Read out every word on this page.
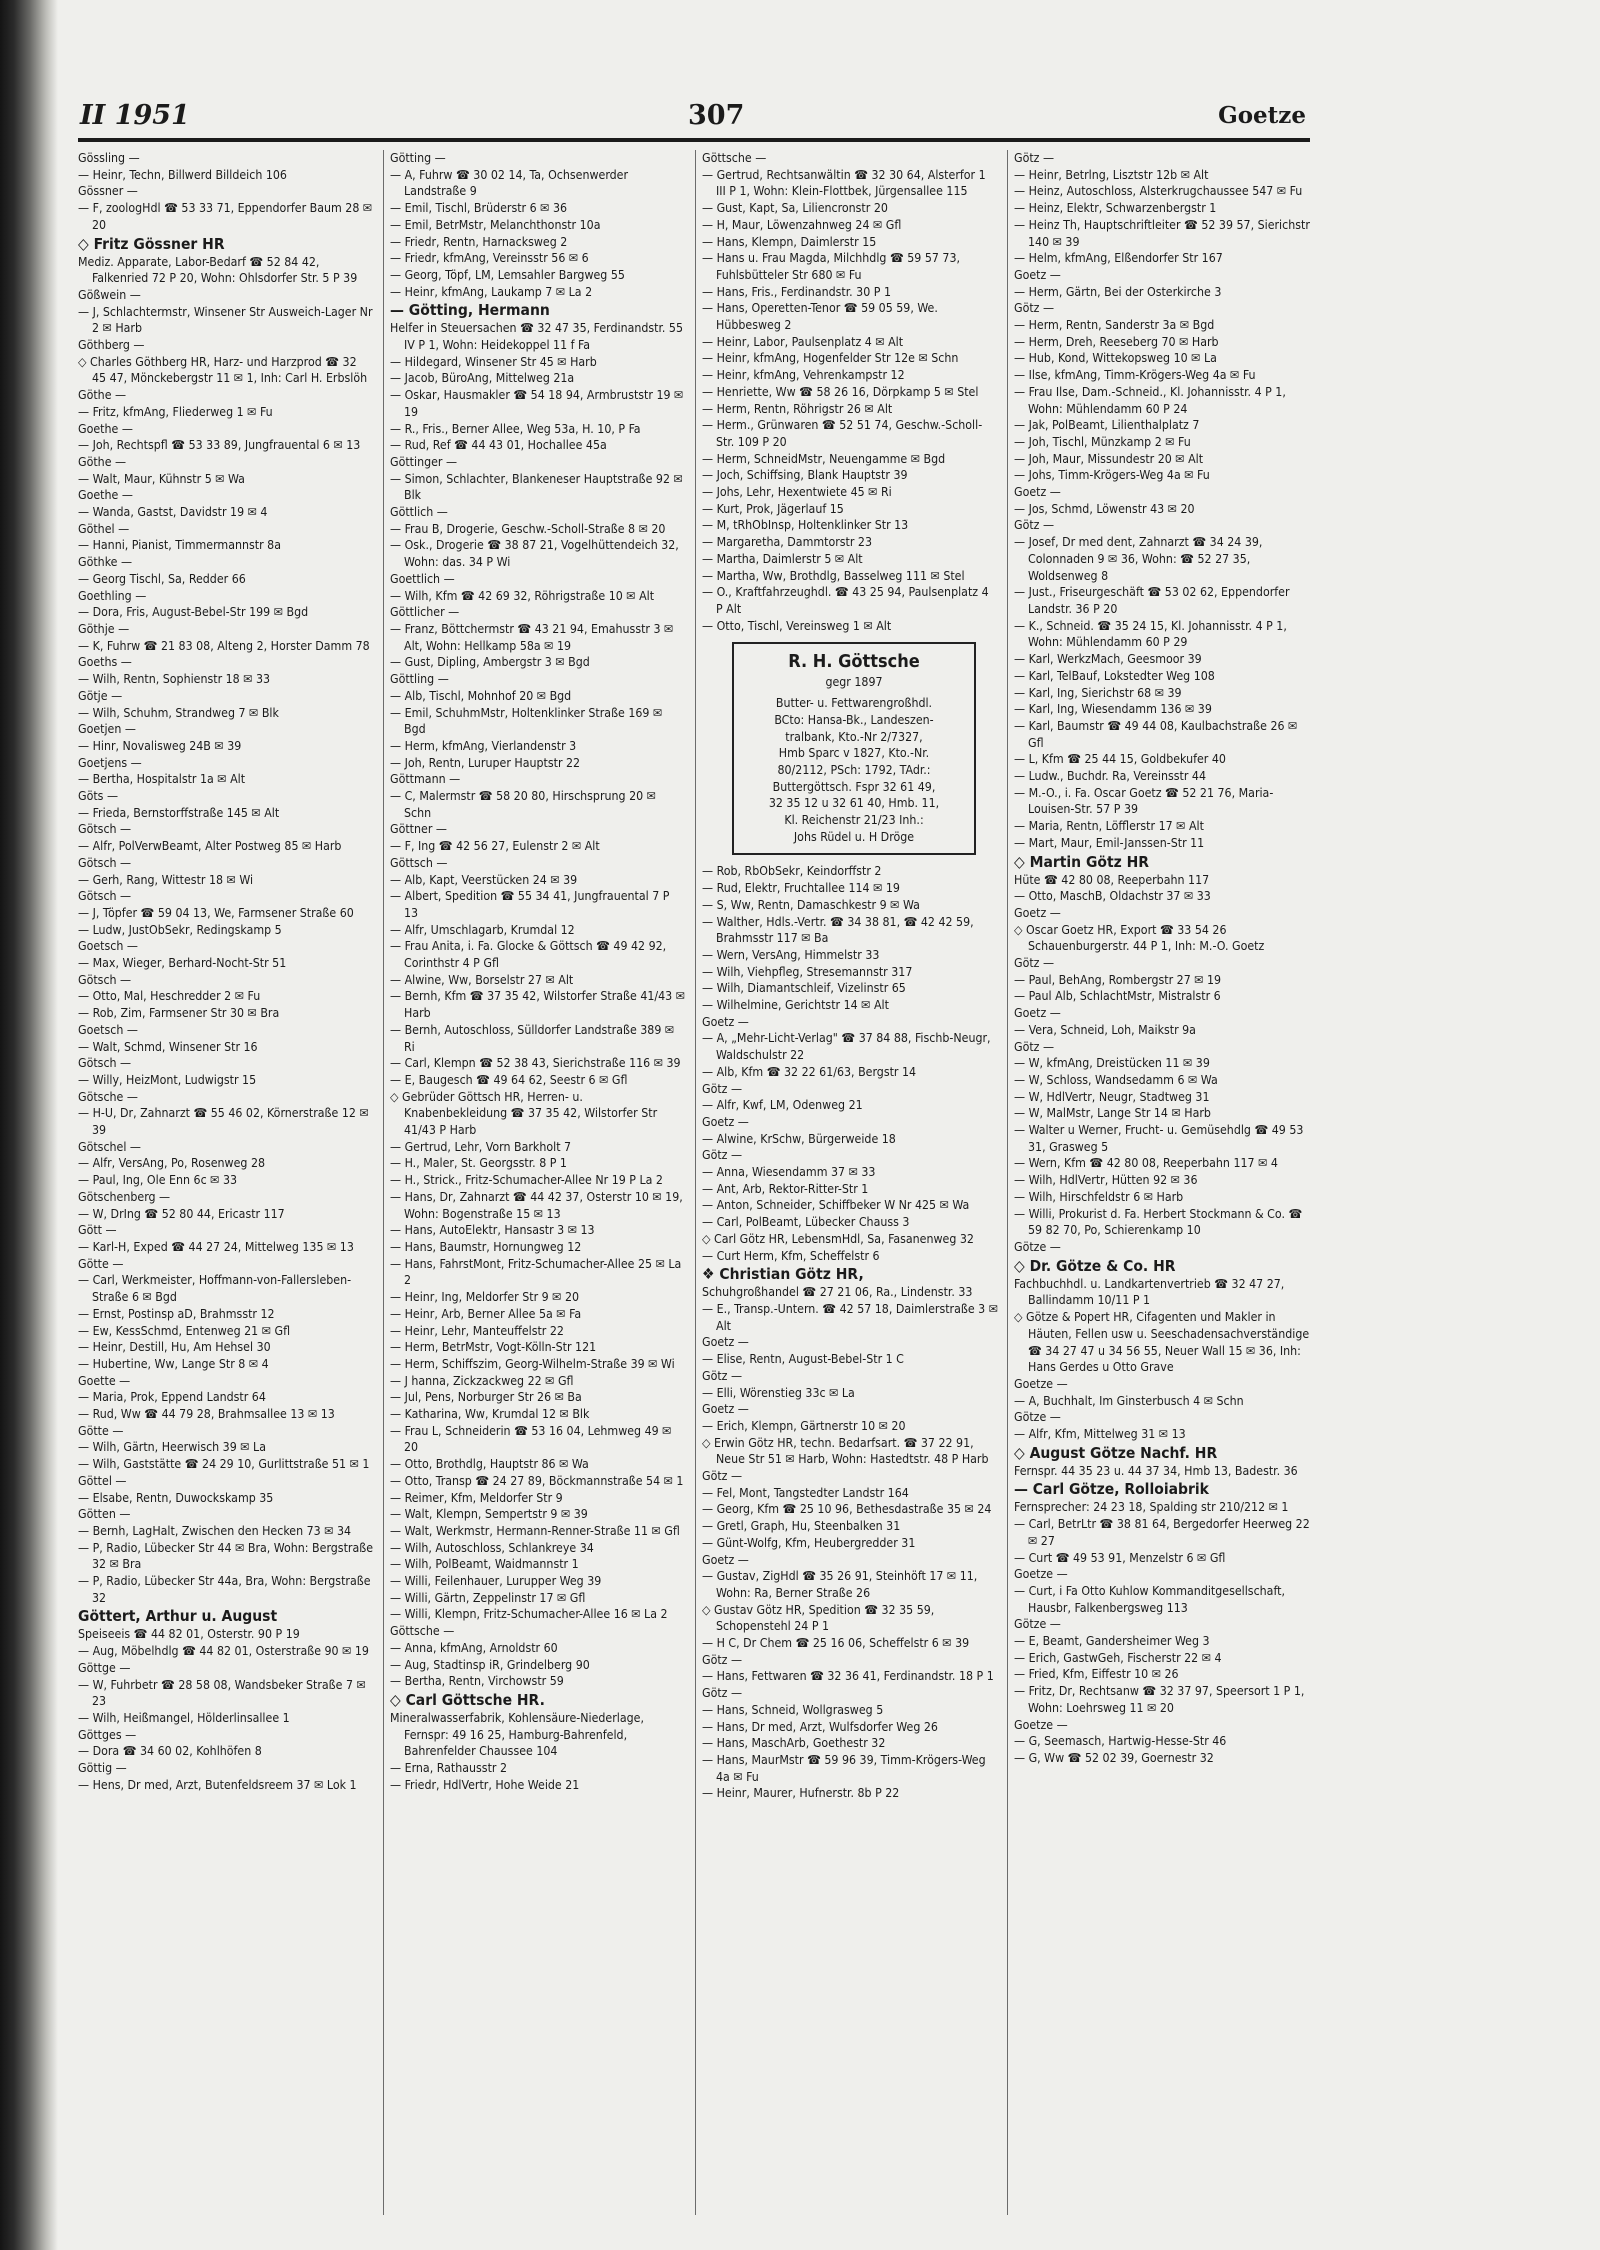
II 1951	307	Goetze
Gössling —
— Heinr, Techn, Billwerd Billdeich 106
Gössner —
— F, zoologHdl ☎ 53 33 71, Eppendorfer Baum 28 ✉ 20
◇ Fritz Gössner HR
Mediz. Apparate, Labor-Bedarf ☎ 52 84 42, Falkenried 72 P 20, Wohn: Ohlsdorfer Str. 5 P 39
Gößwein —
— J, Schlachtermstr, Winsener Str Ausweich-Lager Nr 2 ✉ Harb
Göthberg —
◇ Charles Göthberg HR, Harz- und Harzprod ☎ 32 45 47, Mönckebergstr 11 ✉ 1, Inh: Carl H. Erbslöh
Göthe —
— Fritz, kfmAng, Fliederweg 1 ✉ Fu
Goethe —
— Joh, Rechtspfl ☎ 53 33 89, Jungfrauental 6 ✉ 13
Göthe —
— Walt, Maur, Kühnstr 5 ✉ Wa
Goethe —
— Wanda, Gastst, Davidstr 19 ✉ 4
Göthel —
— Hanni, Pianist, Timmermannstr 8a
Göthke —
— Georg Tischl, Sa, Redder 66
Goethling —
— Dora, Fris, August-Bebel-Str 199 ✉ Bgd
Göthje —
— K, Fuhrw ☎ 21 83 08, Alteng 2, Horster Damm 78
Goeths —
— Wilh, Rentn, Sophienstr 18 ✉ 33
Götje —
— Wilh, Schuhm, Strandweg 7 ✉ Blk
Goetjen —
— Hinr, Novalisweg 24B ✉ 39
Goetjens —
— Bertha, Hospitalstr 1a ✉ Alt
Göts —
— Frieda, Bernstorffstraße 145 ✉ Alt
Götsch —
— Alfr, PolVerwBeamt, Alter Postweg 85 ✉ Harb
Götsch —
— Gerh, Rang, Wittestr 18 ✉ Wi
Götsch —
— J, Töpfer ☎ 59 04 13, We, Farmsener Straße 60
— Ludw, JustObSekr, Redingskamp 5
Goetsch —
— Max, Wieger, Berhard-Nocht-Str 51
Götsch —
— Otto, Mal, Heschredder 2 ✉ Fu
— Rob, Zim, Farmsener Str 30 ✉ Bra
Goetsch —
— Walt, Schmd, Winsener Str 16
Götsch —
— Willy, HeizMont, Ludwigstr 15
Götsche —
— H-U, Dr, Zahnarzt ☎ 55 46 02, Körnerstraße 12 ✉ 39
Götschel —
— Alfr, VersAng, Po, Rosenweg 28
— Paul, Ing, Ole Enn 6c ✉ 33
Götschenberg —
— W, DrIng ☎ 52 80 44, Ericastr 117
Gött —
— Karl-H, Exped ☎ 44 27 24, Mittelweg 135 ✉ 13
Götte —
— Carl, Werkmeister, Hoffmann-von-Fallersleben-Straße 6 ✉ Bgd
— Ernst, Postinsp aD, Brahmsstr 12
— Ew, KessSchmd, Entenweg 21 ✉ Gfl
— Heinr, Destill, Hu, Am Hehsel 30
— Hubertine, Ww, Lange Str 8 ✉ 4
Goette —
— Maria, Prok, Eppend Landstr 64
— Rud, Ww ☎ 44 79 28, Brahmsallee 13 ✉ 13
Götte —
— Wilh, Gärtn, Heerwisch 39 ✉ La
— Wilh, Gaststätte ☎ 24 29 10, Gurlittstraße 51 ✉ 1
Göttel —
— Elsabe, Rentn, Duwockskamp 35
Götten —
— Bernh, LagHalt, Zwischen den Hecken 73 ✉ 34
— P, Radio, Lübecker Str 44 ✉ Bra, Wohn: Bergstraße 32 ✉ Bra
— P, Radio, Lübecker Str 44a, Bra, Wohn: Bergstraße 32
Göttert, Arthur u. August
Speiseeis ☎ 44 82 01, Osterstr. 90 P 19
— Aug, Möbelhdlg ☎ 44 82 01, Osterstraße 90 ✉ 19
Göttge —
— W, Fuhrbetr ☎ 28 58 08, Wandsbeker Straße 7 ✉ 23
— Wilh, Heißmangel, Hölderlinsallee 1
Göttges —
— Dora ☎ 34 60 02, Kohlhöfen 8
Göttig —
— Hens, Dr med, Arzt, Butenfeldsreem 37 ✉ Lok 1
Götting —
— A, Fuhrw ☎ 30 02 14, Ta, Ochsenwerder Landstraße 9
— Emil, Tischl, Brüderstr 6 ✉ 36
— Emil, BetrMstr, Melanchthonstr 10a
— Friedr, Rentn, Harnacksweg 2
— Friedr, kfmAng, Vereinsstr 56 ✉ 6
— Georg, Töpf, LM, Lemsahler Bargweg 55
— Heinr, kfmAng, Laukamp 7 ✉ La 2
— Götting, Hermann
Helfer in Steuersachen ☎ 32 47 35, Ferdinandstr. 55 IV P 1, Wohn: Heidekoppel 11 f Fa
— Hildegard, Winsener Str 45 ✉ Harb
— Jacob, BüroAng, Mittelweg 21a
— Oskar, Hausmakler ☎ 54 18 94, Armbruststr 19 ✉ 19
— R., Fris., Berner Allee, Weg 53a, H. 10, P Fa
— Rud, Ref ☎ 44 43 01, Hochallee 45a
Göttinger —
— Simon, Schlachter, Blankeneser Hauptstraße 92 ✉ Blk
Göttlich —
— Frau B, Drogerie, Geschw.-Scholl-Straße 8 ✉ 20
— Osk., Drogerie ☎ 38 87 21, Vogelhüttendeich 32, Wohn: das. 34 P Wi
Goettlich —
— Wilh, Kfm ☎ 42 69 32, Röhrigstraße 10 ✉ Alt
Göttlicher —
— Franz, Böttchermstr ☎ 43 21 94, Emahusstr 3 ✉ Alt, Wohn: Hellkamp 58a ✉ 19
— Gust, Dipling, Ambergstr 3 ✉ Bgd
Göttling —
— Alb, Tischl, Mohnhof 20 ✉ Bgd
— Emil, SchuhmMstr, Holtenklinker Straße 169 ✉ Bgd
— Herm, kfmAng, Vierlandenstr 3
— Joh, Rentn, Luruper Hauptstr 22
Göttmann —
— C, Malermstr ☎ 58 20 80, Hirschsprung 20 ✉ Schn
Göttner —
— F, Ing ☎ 42 56 27, Eulenstr 2 ✉ Alt
Göttsch —
— Alb, Kapt, Veerstücken 24 ✉ 39
— Albert, Spedition ☎ 55 34 41, Jungfrauental 7 P 13
— Alfr, Umschlagarb, Krumdal 12
— Frau Anita, i. Fa. Glocke & Göttsch ☎ 49 42 92, Corinthstr 4 P Gfl
— Alwine, Ww, Borselstr 27 ✉ Alt
— Bernh, Kfm ☎ 37 35 42, Wilstorfer Straße 41/43 ✉ Harb
— Bernh, Autoschloss, Sülldorfer Landstraße 389 ✉ Ri
— Carl, Klempn ☎ 52 38 43, Sierichstraße 116 ✉ 39
— E, Baugesch ☎ 49 64 62, Seestr 6 ✉ Gfl
◇ Gebrüder Göttsch HR, Herren- u. Knabenbekleidung ☎ 37 35 42, Wilstorfer Str 41/43 P Harb
— Gertrud, Lehr, Vorn Barkholt 7
— H., Maler, St. Georgsstr. 8 P 1
— H., Strick., Fritz-Schumacher-Allee Nr 19 P La 2
— Hans, Dr, Zahnarzt ☎ 44 42 37, Osterstr 10 ✉ 19, Wohn: Bogenstraße 15 ✉ 13
— Hans, AutoElektr, Hansastr 3 ✉ 13
— Hans, Baumstr, Hornungweg 12
— Hans, FahrstMont, Fritz-Schumacher-Allee 25 ✉ La 2
— Heinr, Ing, Meldorfer Str 9 ✉ 20
— Heinr, Arb, Berner Allee 5a ✉ Fa
— Heinr, Lehr, Manteuffelstr 22
— Herm, BetrMstr, Vogt-Kölln-Str 121
— Herm, Schiffszim, Georg-Wilhelm-Straße 39 ✉ Wi
— J hanna, Zickzackweg 22 ✉ Gfl
— Jul, Pens, Norburger Str 26 ✉ Ba
— Katharina, Ww, Krumdal 12 ✉ Blk
— Frau L, Schneiderin ☎ 53 16 04, Lehmweg 49 ✉ 20
— Otto, Brothdlg, Hauptstr 86 ✉ Wa
— Otto, Transp ☎ 24 27 89, Böckmannstraße 54 ✉ 1
— Reimer, Kfm, Meldorfer Str 9
— Walt, Klempn, Sempertstr 9 ✉ 39
— Walt, Werkmstr, Hermann-Renner-Straße 11 ✉ Gfl
— Wilh, Autoschloss, Schlankreye 34
— Wilh, PolBeamt, Waidmannstr 1
— Willi, Feilenhauer, Lurupper Weg 39
— Willi, Gärtn, Zeppelinstr 17 ✉ Gfl
— Willi, Klempn, Fritz-Schumacher-Allee 16 ✉ La 2
Göttsche —
— Anna, kfmAng, Arnoldstr 60
— Aug, Stadtinsp iR, Grindelberg 90
— Bertha, Rentn, Virchowstr 59
◇ Carl Göttsche HR.
Mineralwasserfabrik, Kohlensäure-Niederlage, Fernspr: 49 16 25, Hamburg-Bahrenfeld, Bahrenfelder Chaussee 104
— Erna, Rathausstr 2
— Friedr, HdlVertr, Hohe Weide 21
Göttsche —
— Gertrud, Rechtsanwältin ☎ 32 30 64, Alsterfor 1 III P 1, Wohn: Klein-Flottbek, Jürgensallee 115
— Gust, Kapt, Sa, Liliencronstr 20
— H, Maur, Löwenzahnweg 24 ✉ Gfl
— Hans, Klempn, Daimlerstr 15
— Hans u. Frau Magda, Milchhdlg ☎ 59 57 73, Fuhlsbütteler Str 680 ✉ Fu
— Hans, Fris., Ferdinandstr. 30 P 1
— Hans, Operetten-Tenor ☎ 59 05 59, We. Hübbesweg 2
— Heinr, Labor, Paulsenplatz 4 ✉ Alt
— Heinr, kfmAng, Hogenfelder Str 12e ✉ Schn
— Heinr, kfmAng, Vehrenkampstr 12
— Henriette, Ww ☎ 58 26 16, Dörpkamp 5 ✉ Stel
— Herm, Rentn, Röhrigstr 26 ✉ Alt
— Herm., Grünwaren ☎ 52 51 74, Geschw.-Scholl-Str. 109 P 20
— Herm, SchneidMstr, Neuengamme ✉ Bgd
— Joch, Schiffsing, Blank Hauptstr 39
— Johs, Lehr, Hexentwiete 45 ✉ Ri
— Kurt, Prok, Jägerlauf 15
— M, tRhObInsp, Holtenklinker Str 13
— Margaretha, Dammtorstr 23
— Martha, Daimlerstr 5 ✉ Alt
— Martha, Ww, Brothdlg, Basselweg 111 ✉ Stel
— O., Kraftfahrzeughdl. ☎ 43 25 94, Paulsenplatz 4 P Alt
— Otto, Tischl, Vereinsweg 1 ✉ Alt
R. H. Göttsche
gegr 1897
Butter- u. Fettwarengroßhdl.
BCto: Hansa-Bk., Landeszen-
tralbank, Kto.-Nr 2/7327,
Hmb Sparc v 1827, Kto.-Nr.
80/2112, PSch: 1792, TAdr.:
Buttergöttsch. Fspr 32 61 49,
32 35 12 u 32 61 40, Hmb. 11,
Kl. Reichenstr 21/23 Inh.:
Johs Rüdel u. H Dröge
— Rob, RbObSekr, Keindorffstr 2
— Rud, Elektr, Fruchtallee 114 ✉ 19
— S, Ww, Rentn, Damaschkestr 9 ✉ Wa
— Walther, Hdls.-Vertr. ☎ 34 38 81, ☎ 42 42 59, Brahmsstr 117 ✉ Ba
— Wern, VersAng, Himmelstr 33
— Wilh, Viehpfleg, Stresemannstr 317
— Wilh, Diamantschleif, Vizelinstr 65
— Wilhelmine, Gerichtstr 14 ✉ Alt
Goetz —
— A, „Mehr-Licht-Verlag" ☎ 37 84 88, Fischb-Neugr, Waldschulstr 22
— Alb, Kfm ☎ 32 22 61/63, Bergstr 14
Götz —
— Alfr, Kwf, LM, Odenweg 21
Goetz —
— Alwine, KrSchw, Bürgerweide 18
Götz —
— Anna, Wiesendamm 37 ✉ 33
— Ant, Arb, Rektor-Ritter-Str 1
— Anton, Schneider, Schiffbeker W Nr 425 ✉ Wa
— Carl, PolBeamt, Lübecker Chauss 3
◇ Carl Götz HR, LebensmHdl, Sa, Fasanenweg 32
— Curt Herm, Kfm, Scheffelstr 6
❖ Christian Götz HR,
Schuhgroßhandel ☎ 27 21 06, Ra., Lindenstr. 33
— E., Transp.-Untern. ☎ 42 57 18, Daimlerstraße 3 ✉ Alt
Goetz —
— Elise, Rentn, August-Bebel-Str 1 C
Götz —
— Elli, Wörenstieg 33c ✉ La
Goetz —
— Erich, Klempn, Gärtnerstr 10 ✉ 20
◇ Erwin Götz HR, techn. Bedarfsart. ☎ 37 22 91, Neue Str 51 ✉ Harb, Wohn: Hastedtstr. 48 P Harb
Götz —
— Fel, Mont, Tangstedter Landstr 164
— Georg, Kfm ☎ 25 10 96, Bethesdastraße 35 ✉ 24
— Gretl, Graph, Hu, Steenbalken 31
— Günt-Wolfg, Kfm, Heubergredder 31
Goetz —
— Gustav, ZigHdl ☎ 35 26 91, Steinhöft 17 ✉ 11, Wohn: Ra, Berner Straße 26
◇ Gustav Götz HR, Spedition ☎ 32 35 59, Schopenstehl 24 P 1
— H C, Dr Chem ☎ 25 16 06, Scheffelstr 6 ✉ 39
Götz —
— Hans, Fettwaren ☎ 32 36 41, Ferdinandstr. 18 P 1
Götz —
— Hans, Schneid, Wollgrasweg 5
— Hans, Dr med, Arzt, Wulfsdorfer Weg 26
— Hans, MaschArb, Goethestr 32
— Hans, MaurMstr ☎ 59 96 39, Timm-Krögers-Weg 4a ✉ Fu
— Heinr, Maurer, Hufnerstr. 8b P 22
Götz —
— Heinr, Betrlng, Lisztstr 12b ✉ Alt
— Heinz, Autoschloss, Alsterkrugchaussee 547 ✉ Fu
— Heinz, Elektr, Schwarzenbergstr 1
— Heinz Th, Hauptschriftleiter ☎ 52 39 57, Sierichstr 140 ✉ 39
— Helm, kfmAng, Elßendorfer Str 167
Goetz —
— Herm, Gärtn, Bei der Osterkirche 3
Götz —
— Herm, Rentn, Sanderstr 3a ✉ Bgd
— Herm, Dreh, Reeseberg 70 ✉ Harb
— Hub, Kond, Wittekopsweg 10 ✉ La
— Ilse, kfmAng, Timm-Krögers-Weg 4a ✉ Fu
— Frau Ilse, Dam.-Schneid., Kl. Johannisstr. 4 P 1, Wohn: Mühlendamm 60 P 24
— Jak, PolBeamt, Lilienthalplatz 7
— Joh, Tischl, Münzkamp 2 ✉ Fu
— Joh, Maur, Missundestr 20 ✉ Alt
— Johs, Timm-Krögers-Weg 4a ✉ Fu
Goetz —
— Jos, Schmd, Löwenstr 43 ✉ 20
Götz —
— Josef, Dr med dent, Zahnarzt ☎ 34 24 39, Colonnaden 9 ✉ 36, Wohn: ☎ 52 27 35, Woldsenweg 8
— Just., Friseurgeschäft ☎ 53 02 62, Eppendorfer Landstr. 36 P 20
— K., Schneid. ☎ 35 24 15, Kl. Johannisstr. 4 P 1, Wohn: Mühlendamm 60 P 29
— Karl, WerkzMach, Geesmoor 39
— Karl, TelBauf, Lokstedter Weg 108
— Karl, Ing, Sierichstr 68 ✉ 39
— Karl, Ing, Wiesendamm 136 ✉ 39
— Karl, Baumstr ☎ 49 44 08, Kaulbachstraße 26 ✉ Gfl
— L, Kfm ☎ 25 44 15, Goldbekufer 40
— Ludw., Buchdr. Ra, Vereinsstr 44
— M.-O., i. Fa. Oscar Goetz ☎ 52 21 76, Maria-Louisen-Str. 57 P 39
— Maria, Rentn, Löfflerstr 17 ✉ Alt
— Mart, Maur, Emil-Janssen-Str 11
◇ Martin Götz HR
Hüte ☎ 42 80 08, Reeperbahn 117
— Otto, MaschB, Oldachstr 37 ✉ 33
Goetz —
◇ Oscar Goetz HR, Export ☎ 33 54 26 Schauenburgerstr. 44 P 1, Inh: M.-O. Goetz
Götz —
— Paul, BehAng, Rombergstr 27 ✉ 19
— Paul Alb, SchlachtMstr, Mistralstr 6
Goetz —
— Vera, Schneid, Loh, Maikstr 9a
Götz —
— W, kfmAng, Dreistücken 11 ✉ 39
— W, Schloss, Wandsedamm 6 ✉ Wa
— W, HdlVertr, Neugr, Stadtweg 31
— W, MalMstr, Lange Str 14 ✉ Harb
— Walter u Werner, Frucht- u. Gemüsehdlg ☎ 49 53 31, Grasweg 5
— Wern, Kfm ☎ 42 80 08, Reeperbahn 117 ✉ 4
— Wilh, HdlVertr, Hütten 92 ✉ 36
— Wilh, Hirschfeldstr 6 ✉ Harb
— Willi, Prokurist d. Fa. Herbert Stockmann & Co. ☎ 59 82 70, Po, Schierenkamp 10
Götze —
◇ Dr. Götze & Co. HR
Fachbuchhdl. u. Landkartenvertrieb ☎ 32 47 27, Ballindamm 10/11 P 1
◇ Götze & Popert HR, Cifagenten und Makler in Häuten, Fellen usw u. Seeschadensachverständige ☎ 34 27 47 u 34 56 55, Neuer Wall 15 ✉ 36, Inh: Hans Gerdes u Otto Grave
Goetze —
— A, Buchhalt, Im Ginsterbusch 4 ✉ Schn
Götze —
— Alfr, Kfm, Mittelweg 31 ✉ 13
◇ August Götze Nachf. HR
Fernspr. 44 35 23 u. 44 37 34, Hmb 13, Badestr. 36
— Carl Götze, Rolloiabrik
Fernsprecher: 24 23 18, Spalding str 210/212 ✉ 1
— Carl, BetrLtr ☎ 38 81 64, Bergedorfer Heerweg 22 ✉ 27
— Curt ☎ 49 53 91, Menzelstr 6 ✉ Gfl
Goetze —
— Curt, i Fa Otto Kuhlow Kommanditgesellschaft, Hausbr, Falkenbergsweg 113
Götze —
— E, Beamt, Gandersheimer Weg 3
— Erich, GastwGeh, Fischerstr 22 ✉ 4
— Fried, Kfm, Eiffestr 10 ✉ 26
— Fritz, Dr, Rechtsanw ☎ 32 37 97, Speersort 1 P 1, Wohn: Loehrsweg 11 ✉ 20
Goetze —
— G, Seemasch, Hartwig-Hesse-Str 46
— G, Ww ☎ 52 02 39, Goernestr 32
